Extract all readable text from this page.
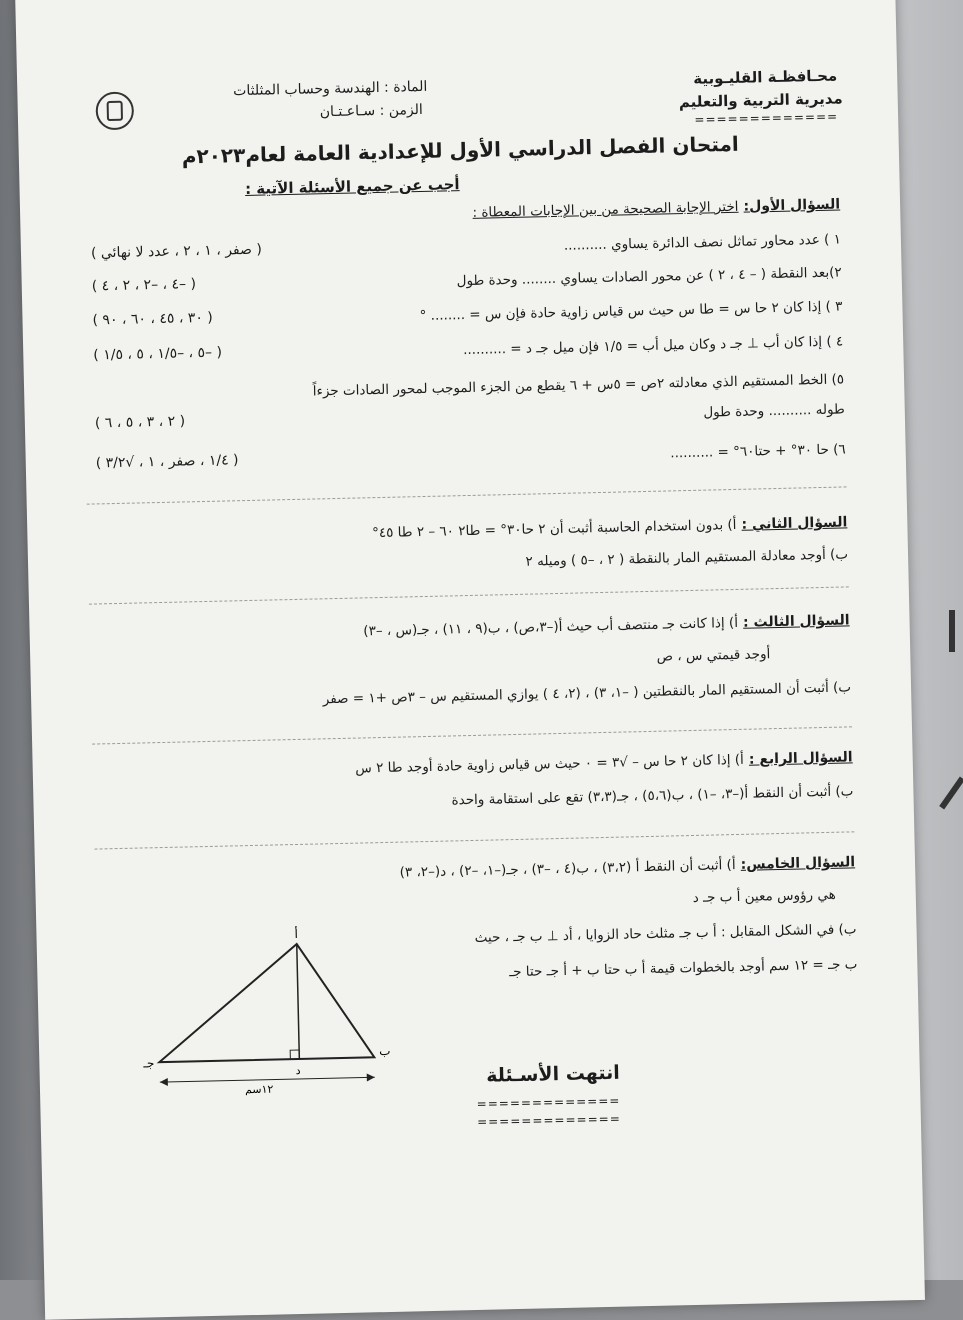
محـافظـة القليـوبية
مديرية التربية والتعليم
=============
المادة : الهندسة وحساب المثلثات
الزمن : سـاعـتـان
امتحان الفصل الدراسي الأول للإعدادية العامة لعام٢٠٢٣م
أجب عن جميع الأسئلة الآتية :
السؤال الأول: اختر الإجابة الصحيحة من بين الإجابات المعطاة :
١ ) عدد محاور تماثل نصف الدائرة يساوي ..........
( صفر ، ١ ، ٢ ، عدد لا نهائي )
٢)بعد النقطة ( – ٤ ، ٢ ) عن محور الصادات يساوي ........ وحدة طول
( –٤ ، –٢ ، ٢ ، ٤ )
٣ ) إذا كان ٢ حا س = طا س حيث س قياس زاوية حادة فإن س = ........ °
( ٣٠ ، ٤٥ ، ٦٠ ، ٩٠ )
٤ ) إذا كان أب ⊥ جـ د وكان ميل أب = ١/٥ فإن ميل جـ د = ..........
( –٥ ، –١/٥ ، ٥ ، ١/٥ )
٥) الخط المستقيم الذي معادلته ٢ص = ٥س + ٦ يقطع من الجزء الموجب لمحور الصادات جزءاً
طوله .......... وحدة طول
( ٢ ، ٣ ، ٥ ، ٦ )
٦) حا ٣٠° + حتا٦٠° = ..........
( ١/٤ ، صفر ، ١ ، √٣/٢ )
السؤال الثاني : أ) بدون استخدام الحاسبة أثبت أن ٢ حا٣٠° = طا٢ ٦٠ – ٢ طا ٤٥°
ب) أوجد معادلة المستقيم المار بالنقطة ( ٢ ، –٥ ) وميله ٢
السؤال الثالث : أ) إذا كانت جـ منتصف أب حيث أ(–٣،ص) ، ب(٩ ، ١١) ، جـ(س ، –٣)
أوجد قيمتي س ، ص
ب) أثبت أن المستقيم المار بالنقطتين ( –١، ٣) ، (٢، ٤ ) يوازي المستقيم س – ٣ص +١ = صفر
السؤال الرابع : أ) إذا كان ٢ حا س – √٣ = ٠ حيث س قياس زاوية حادة أوجد طا ٢ س
ب) أثبت أن النقط أ(–٣، –١) ، ب(٥،٦) ، جـ(٣،٣) تقع على استقامة واحدة
السؤال الخامس: أ) أثبت أن النقط أ (٣،٢) ، ب(٤ ، –٣) ، جـ(–١، –٢) ، د(–٢، ٣)
هي رؤوس معين أ ب جـ د
ب) في الشكل المقابل : أ ب جـ مثلث حاد الزوايا ، أد ⊥ ب جـ ، حيث
ب جـ = ١٢ سم أوجد بالخطوات قيمة أ ب حتا ب + أ جـ حتا جـ
أ
ب
جـ	د
١٢سم
انتهت الأسـئلة
=============
=============
